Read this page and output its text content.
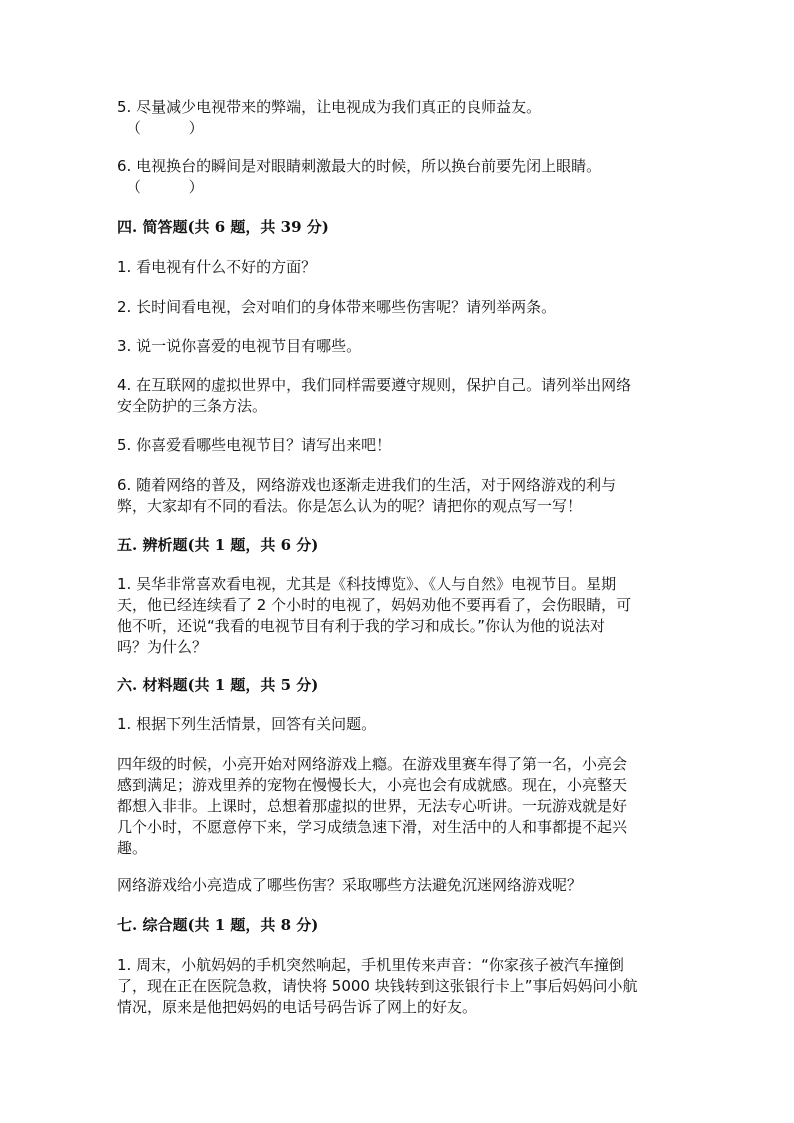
5. 尽量减少电视带来的弊端，让电视成为我们真正的良师益友。

（          ）

6. 电视换台的瞬间是对眼睛刺激最大的时候，所以换台前要先闭上眼睛。

（          ）

四. 简答题(共 6 题，共 39 分)

1. 看电视有什么不好的方面？

2. 长时间看电视，会对咱们的身体带来哪些伤害呢？请列举两条。

3. 说一说你喜爱的电视节目有哪些。

4. 在互联网的虚拟世界中，我们同样需要遵守规则，保护自己。请列举出网络
安全防护的三条方法。

5. 你喜爱看哪些电视节目？请写出来吧！

6. 随着网络的普及，网络游戏也逐渐走进我们的生活，对于网络游戏的利与
弊，大家却有不同的看法。你是怎么认为的呢？请把你的观点写一写！

五. 辨析题(共 1 题，共 6 分)

1. 吴华非常喜欢看电视，尤其是《科技博览》、《人与自然》电视节目。星期
天，他已经连续看了 2 个小时的电视了，妈妈劝他不要再看了，会伤眼睛，可
他不听，还说“我看的电视节目有利于我的学习和成长。”你认为他的说法对
吗？为什么？

六. 材料题(共 1 题，共 5 分)

1. 根据下列生活情景，回答有关问题。

四年级的时候，小亮开始对网络游戏上瘾。在游戏里赛车得了第一名，小亮会
感到满足；游戏里养的宠物在慢慢长大，小亮也会有成就感。现在，小亮整天
都想入非非。上课时，总想着那虚拟的世界，无法专心听讲。一玩游戏就是好
几个小时，不愿意停下来，学习成绩急速下滑，对生活中的人和事都提不起兴
趣。

网络游戏给小亮造成了哪些伤害？采取哪些方法避免沉迷网络游戏呢？

七. 综合题(共 1 题，共 8 分)

1. 周末，小航妈妈的手机突然响起，手机里传来声音：“你家孩子被汽车撞倒
了，现在正在医院急救，请快将 5000 块钱转到这张银行卡上”事后妈妈问小航
情况，原来是他把妈妈的电话号码告诉了网上的好友。
